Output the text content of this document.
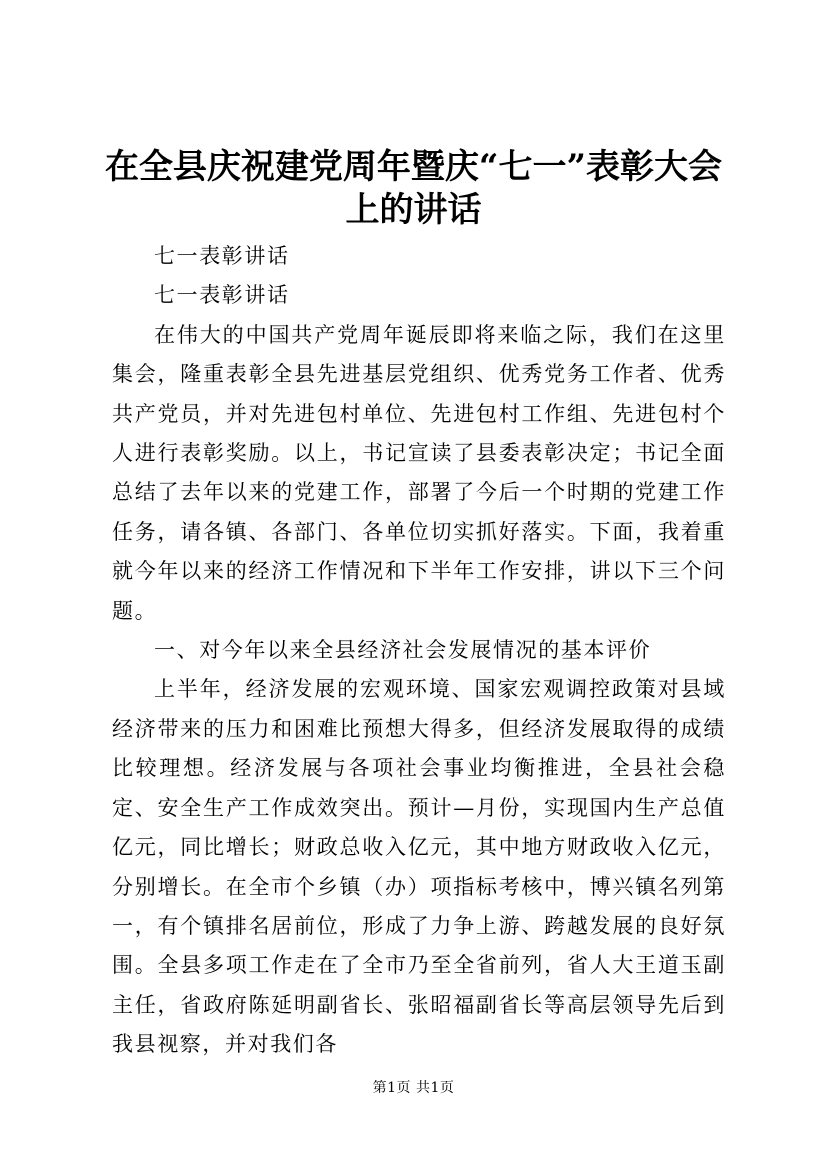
在全县庆祝建党周年暨庆“七一”表彰大会上的讲话

七一表彰讲话

七一表彰讲话

在伟大的中国共产党周年诞辰即将来临之际，我们在这里集会，隆重表彰全县先进基层党组织、优秀党务工作者、优秀共产党员，并对先进包村单位、先进包村工作组、先进包村个人进行表彰奖励。以上，书记宣读了县委表彰决定；书记全面总结了去年以来的党建工作，部署了今后一个时期的党建工作任务，请各镇、各部门、各单位切实抓好落实。下面，我着重就今年以来的经济工作情况和下半年工作安排，讲以下三个问题。

一、对今年以来全县经济社会发展情况的基本评价

上半年，经济发展的宏观环境、国家宏观调控政策对县域经济带来的压力和困难比预想大得多，但经济发展取得的成绩比较理想。经济发展与各项社会事业均衡推进，全县社会稳定、安全生产工作成效突出。预计—月份，实现国内生产总值亿元，同比增长；财政总收入亿元，其中地方财政收入亿元，分别增长。在全市个乡镇（办）项指标考核中，博兴镇名列第一，有个镇排名居前位，形成了力争上游、跨越发展的良好氛围。全县多项工作走在了全市乃至全省前列，省人大王道玉副主任，省政府陈延明副省长、张昭福副省长等高层领导先后到我县视察，并对我们各

第1页 共1页
